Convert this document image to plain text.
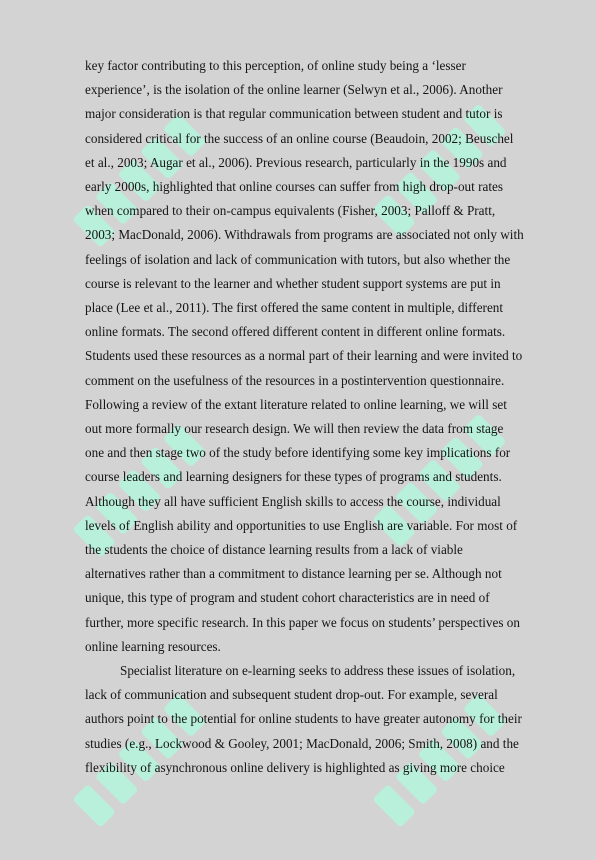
key factor contributing to this perception, of online study being a ‘lesser
experience’, is the isolation of the online learner (Selwyn et al., 2006). Another
major consideration is that regular communication between student and tutor is
considered critical for the success of an online course (Beaudoin, 2002; Beuschel
et al., 2003; Augar et al., 2006). Previous research, particularly in the 1990s and
early 2000s, highlighted that online courses can suffer from high drop-out rates
when compared to their on-campus equivalents (Fisher, 2003; Palloff & Pratt,
2003; MacDonald, 2006). Withdrawals from programs are associated not only with
feelings of isolation and lack of communication with tutors, but also whether the
course is relevant to the learner and whether student support systems are put in
place (Lee et al., 2011). The first offered the same content in multiple, different
online formats. The second offered different content in different online formats.
Students used these resources as a normal part of their learning and were invited to
comment on the usefulness of the resources in a postintervention questionnaire.
Following a review of the extant literature related to online learning, we will set
out more formally our research design. We will then review the data from stage
one and then stage two of the study before identifying some key implications for
course leaders and learning designers for these types of programs and students.
Although they all have sufficient English skills to access the course, individual
levels of English ability and opportunities to use English are variable. For most of
the students the choice of distance learning results from a lack of viable
alternatives rather than a commitment to distance learning per se. Although not
unique, this type of program and student cohort characteristics are in need of
further, more specific research. In this paper we focus on students’ perspectives on
online learning resources.
Specialist literature on e-learning seeks to address these issues of isolation,
lack of communication and subsequent student drop-out. For example, several
authors point to the potential for online students to have greater autonomy for their
studies (e.g., Lockwood & Gooley, 2001; MacDonald, 2006; Smith, 2008) and the
flexibility of asynchronous online delivery is highlighted as giving more choice
